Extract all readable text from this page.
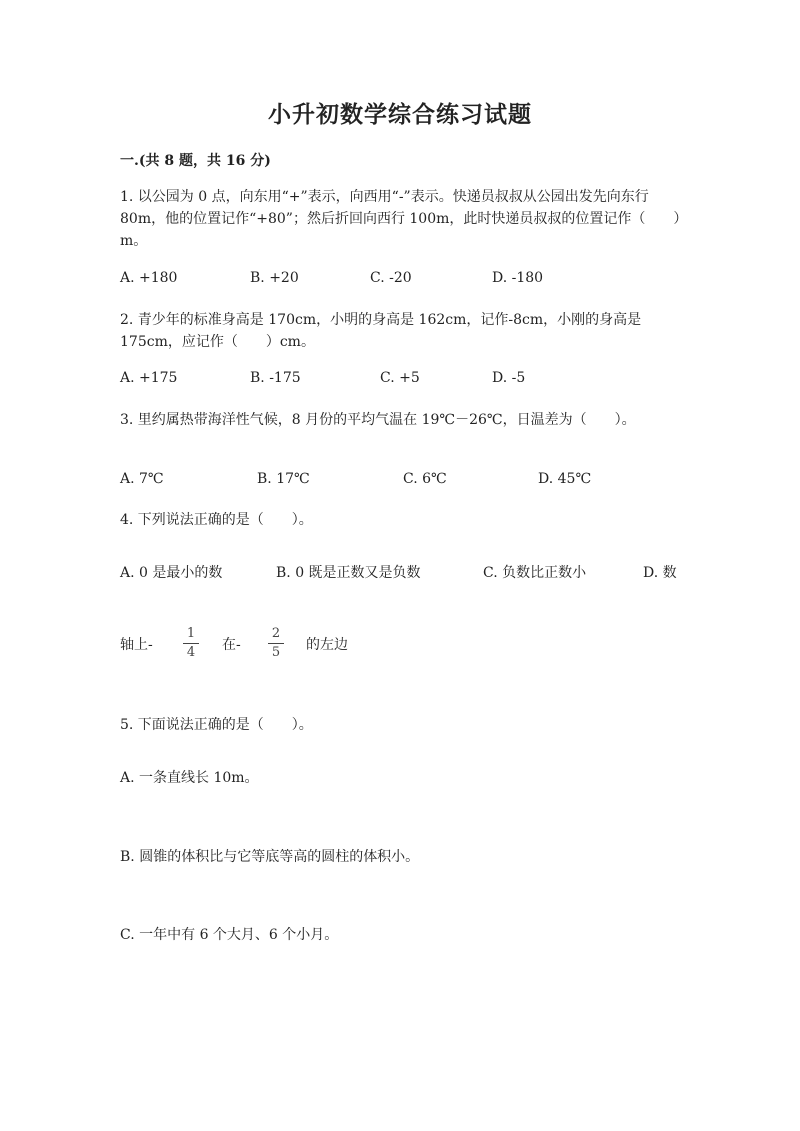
小升初数学综合练习试题
一.(共 8 题，共 16 分)
1. 以公园为 0 点，向东用“+”表示，向西用“-”表示。快递员叔叔从公园出发先向东行 80m，他的位置记作“+80”；然后折回向西行 100m，此时快递员叔叔的位置记作（　　）m。
A. +180	B. +20	C. -20	D. -180
2. 青少年的标准身高是 170cm，小明的身高是 162cm，记作-8cm，小刚的身高是 175cm，应记作（　　）cm。
A. +175	B. -175	C. +5	D. -5
3. 里约属热带海洋性气候，8 月份的平均气温在 19℃－26℃，日温差为（　　）。
A. 7℃	B. 17℃	C. 6℃	D. 45℃
4. 下列说法正确的是（　　）。
A. 0 是最小的数	B. 0 既是正数又是负数	C. 负数比正数小	D. 数
轴上-
1
4 在-
2
5 的左边
5. 下面说法正确的是（　　）。
A. 一条直线长 10m。
B. 圆锥的体积比与它等底等高的圆柱的体积小。
C. 一年中有 6 个大月、6 个小月。
